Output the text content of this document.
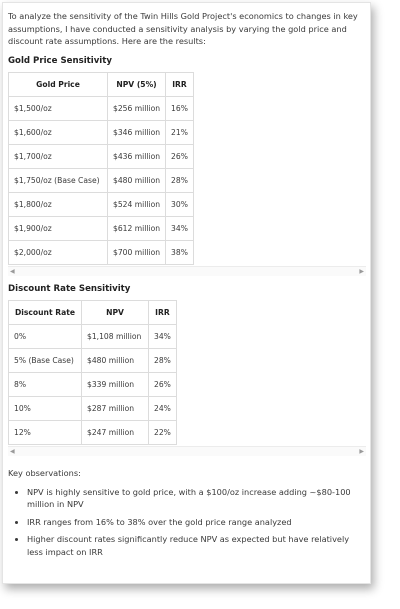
To analyze the sensitivity of the Twin Hills Gold Project's economics to changes in key assumptions, I have conducted a sensitivity analysis by varying the gold price and discount rate assumptions. Here are the results:

Gold Price Sensitivity
Gold Price	NPV (5%)	IRR
$1,500/oz	$256 million	16%
$1,600/oz	$346 million	21%
$1,700/oz	$436 million	26%
$1,750/oz (Base Case)	$480 million	28%
$1,800/oz	$524 million	30%
$1,900/oz	$612 million	34%
$2,000/oz	$700 million	38%
◀	▶
Discount Rate Sensitivity
Discount Rate	NPV	IRR
0%	$1,108 million	34%
5% (Base Case)	$480 million	28%
8%	$339 million	26%
10%	$287 million	24%
12%	$247 million	22%
◀	▶
Key observations:
• NPV is highly sensitive to gold price, with a $100/oz increase adding ~$80-100 million in NPV
• IRR ranges from 16% to 38% over the gold price range analyzed
• Higher discount rates significantly reduce NPV as expected but have relatively less impact on IRR
